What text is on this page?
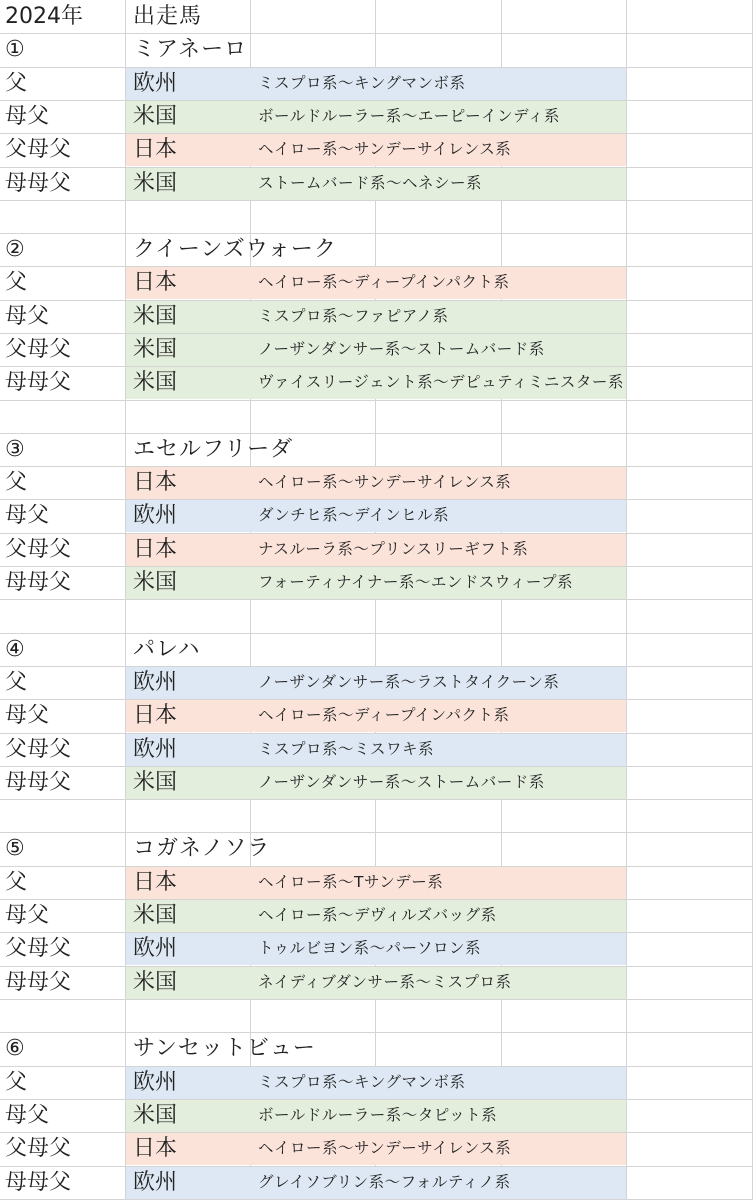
2024年 出走馬
①	ミアネーロ
父	欧州	ミスプロ系〜キングマンボ系
母父	米国	ボールドルーラー系〜エーピーインディ系
父母父	日本	ヘイロー系〜サンデーサイレンス系
母母父	米国	ストームバード系〜ヘネシー系
②	クイーンズウォーク
父	日本	ヘイロー系〜ディープインパクト系
母父	米国	ミスプロ系〜ファピアノ系
父母父	米国	ノーザンダンサー系〜ストームバード系
母母父	米国	ヴァイスリージェント系〜デピュティミニスター系
③	エセルフリーダ
父	日本	ヘイロー系〜サンデーサイレンス系
母父	欧州	ダンチヒ系〜デインヒル系
父母父	日本	ナスルーラ系〜プリンスリーギフト系
母母父	米国	フォーティナイナー系〜エンドスウィープ系
④	パレハ
父	欧州	ノーザンダンサー系〜ラストタイクーン系
母父	日本	ヘイロー系〜ディープインパクト系
父母父	欧州	ミスプロ系〜ミスワキ系
母母父	米国	ノーザンダンサー系〜ストームバード系
⑤	コガネノソラ
父	日本	ヘイロー系〜Tサンデー系
母父	米国	ヘイロー系〜デヴィルズバッグ系
父母父	欧州	トゥルビヨン系〜パーソロン系
母母父	米国	ネイディブダンサー系〜ミスプロ系
⑥	サンセットビュー
父	欧州	ミスプロ系〜キングマンボ系
母父	米国	ボールドルーラー系〜タピット系
父母父	日本	ヘイロー系〜サンデーサイレンス系
母母父	欧州	グレイソブリン系〜フォルティノ系
